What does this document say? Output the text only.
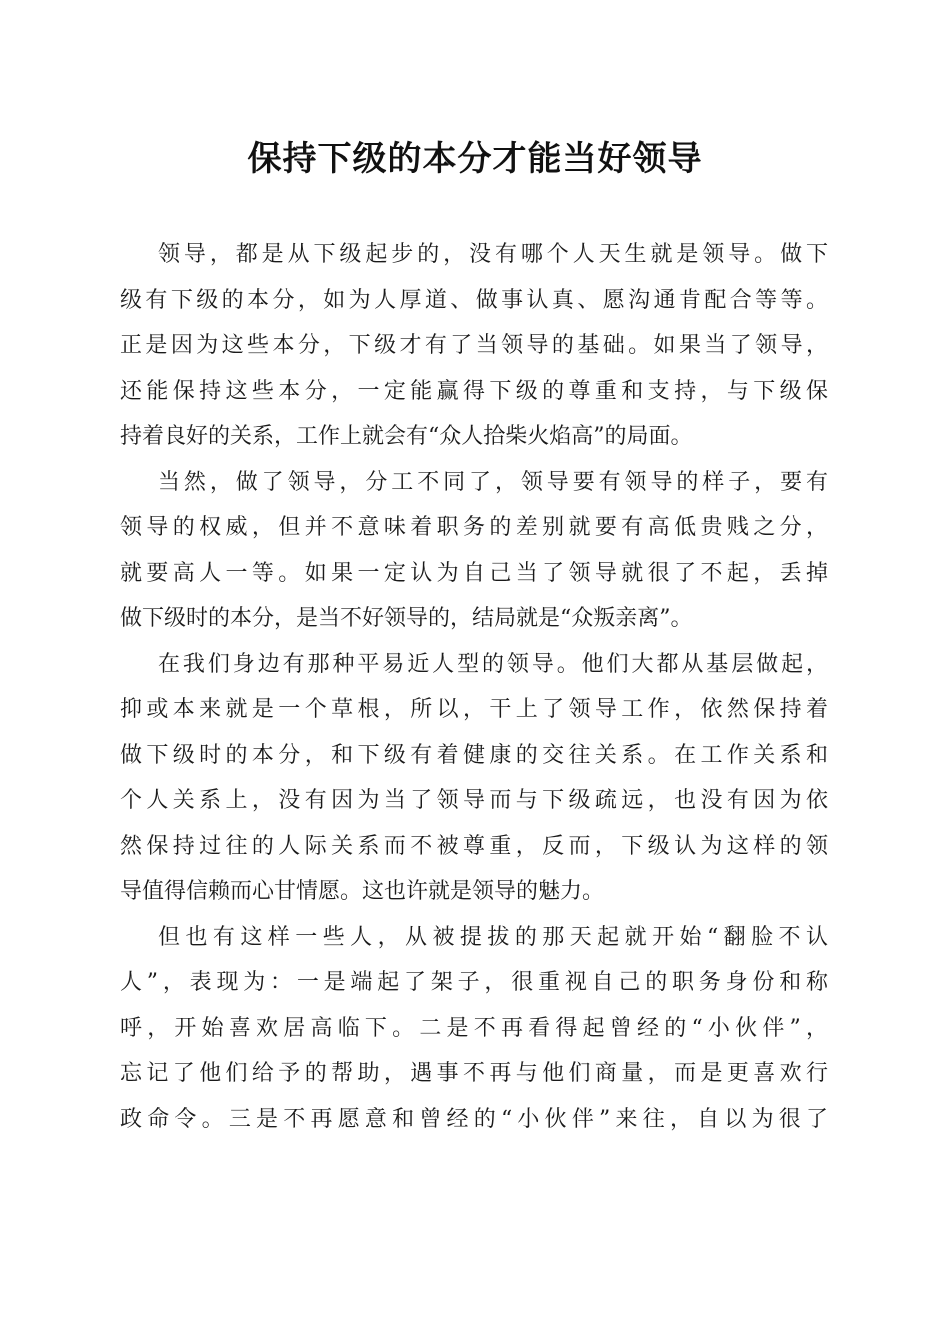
保持下级的本分才能当好领导
领导，都是从下级起步的，没有哪个人天生就是领导。做下
级有下级的本分，如为人厚道、做事认真、愿沟通肯配合等等。
正是因为这些本分，下级才有了当领导的基础。如果当了领导，
还能保持这些本分，一定能赢得下级的尊重和支持，与下级保
持着良好的关系，工作上就会有“众人拾柴火焰高”的局面。
当然，做了领导，分工不同了，领导要有领导的样子，要有
领导的权威，但并不意味着职务的差别就要有高低贵贱之分，
就要高人一等。如果一定认为自己当了领导就很了不起，丢掉
做下级时的本分，是当不好领导的，结局就是“众叛亲离”。
在我们身边有那种平易近人型的领导。他们大都从基层做起，
抑或本来就是一个草根，所以，干上了领导工作，依然保持着
做下级时的本分，和下级有着健康的交往关系。在工作关系和
个人关系上，没有因为当了领导而与下级疏远，也没有因为依
然保持过往的人际关系而不被尊重，反而，下级认为这样的领
导值得信赖而心甘情愿。这也许就是领导的魅力。
但也有这样一些人，从被提拔的那天起就开始“翻脸不认
人”，表现为：一是端起了架子，很重视自己的职务身份和称
呼，开始喜欢居高临下。二是不再看得起曾经的“小伙伴”，
忘记了他们给予的帮助，遇事不再与他们商量，而是更喜欢行
政命令。三是不再愿意和曾经的“小伙伴”来往，自以为很了
